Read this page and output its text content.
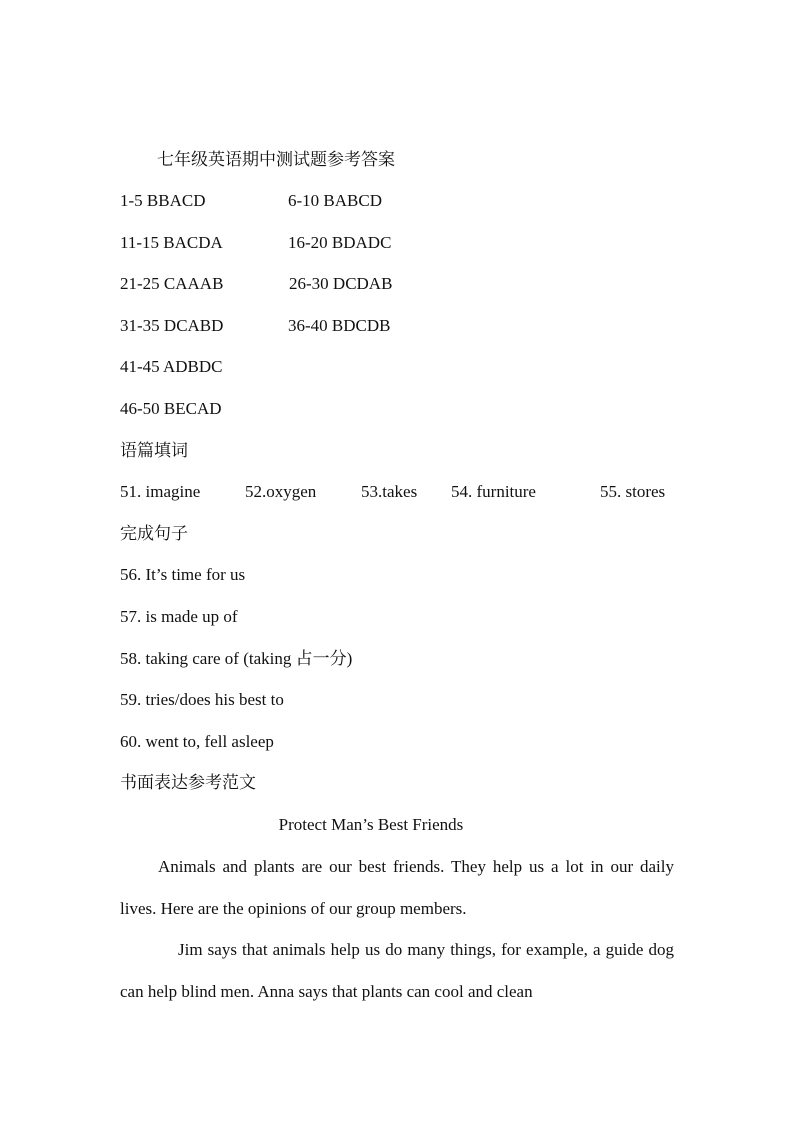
七年级英语期中测试题参考答案
1-5 BBACD	6-10 BABCD
11-15 BACDA	16-20 BDADC
21-25 CAAAB	26-30 DCDAB
31-35 DCABD	36-40 BDCDB
41-45 ADBDC
46-50 BECAD
语篇填词
51. imagine	52.oxygen	53.takes 54. furniture	55. stores
完成句子
56. It’s time for us
57. is made up of
58. taking care of (taking 占一分)
59. tries/does his best to
60. went to, fell asleep
书面表达参考范文
Protect Man’s Best Friends
Animals and plants are our best friends. They help us a lot in our daily lives. Here are the opinions of our group members.
Jim says that animals help us do many things, for example, a guide dog can help blind men. Anna says that plants can cool and clean
